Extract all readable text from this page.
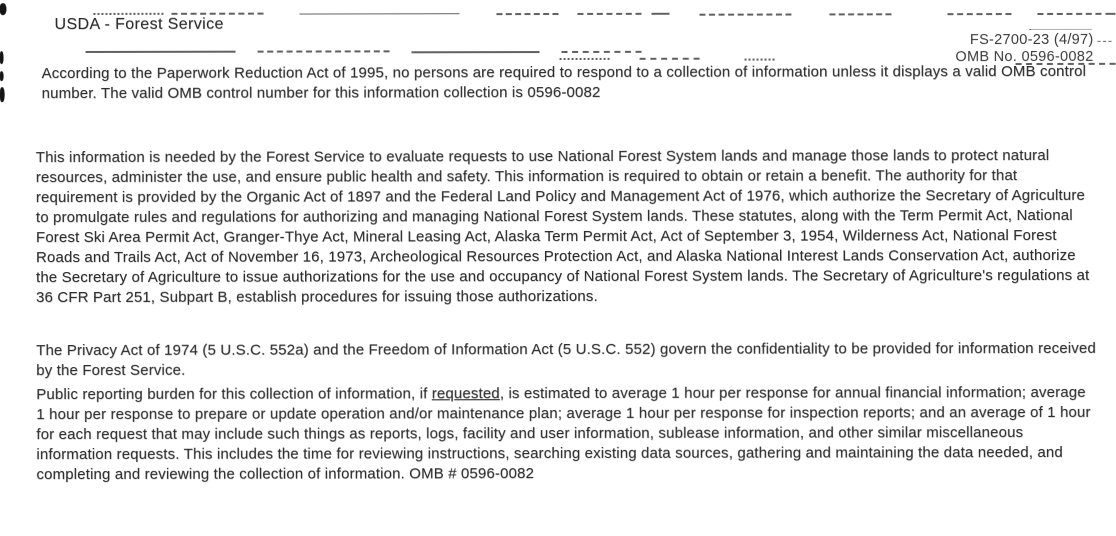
USDA - Forest Service
FS-2700-23 (4/97)
OMB No. 0596-0082
According to the Paperwork Reduction Act of 1995, no persons are required to respond to a collection of information unless it displays a valid OMB control number. The valid OMB control number for this information collection is 0596-0082
This information is needed by the Forest Service to evaluate requests to use National Forest System lands and manage those lands to protect natural resources, administer the use, and ensure public health and safety. This information is required to obtain or retain a benefit. The authority for that requirement is provided by the Organic Act of 1897 and the Federal Land Policy and Management Act of 1976, which authorize the Secretary of Agriculture to promulgate rules and regulations for authorizing and managing National Forest System lands. These statutes, along with the Term Permit Act, National Forest Ski Area Permit Act, Granger-Thye Act, Mineral Leasing Act, Alaska Term Permit Act, Act of September 3, 1954, Wilderness Act, National Forest Roads and Trails Act, Act of November 16, 1973, Archeological Resources Protection Act, and Alaska National Interest Lands Conservation Act, authorize the Secretary of Agriculture to issue authorizations for the use and occupancy of National Forest System lands. The Secretary of Agriculture's regulations at 36 CFR Part 251, Subpart B, establish procedures for issuing those authorizations.

The Privacy Act of 1974 (5 U.S.C. 552a) and the Freedom of Information Act (5 U.S.C. 552) govern the confidentiality to be provided for information received by the Forest Service.

Public reporting burden for this collection of information, if requested, is estimated to average 1 hour per response for annual financial information; average 1 hour per response to prepare or update operation and/or maintenance plan; average 1 hour per response for inspection reports; and an average of 1 hour for each request that may include such things as reports, logs, facility and user information, sublease information, and other similar miscellaneous information requests. This includes the time for reviewing instructions, searching existing data sources, gathering and maintaining the data needed, and completing and reviewing the collection of information. OMB # 0596-0082
